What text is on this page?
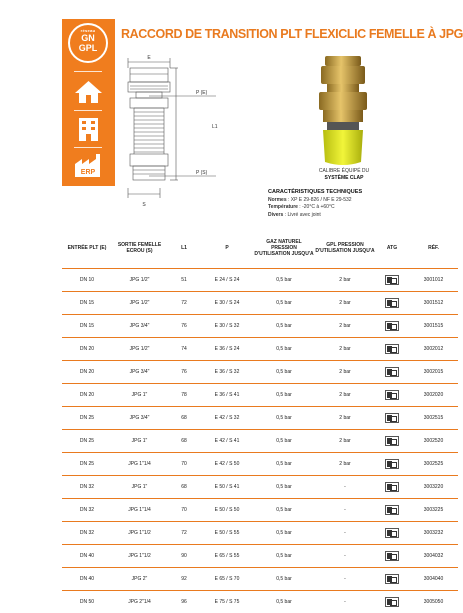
réseau
GN
GPL
ERP
RACCORD DE TRANSITION PLT FLEXICLIC FEMELLE À JPG
E
P (E)
L1
P (S)
S
CALIBRE ÉQUIPÉ DU
SYSTÈME CLAP
CARACTÉRISTIQUES TECHNIQUES
Normes : XP E 29-826 / NF E 29-532
Température : -20°C à +60°C
Divers : Livré avec joint
ENTRÉE PLT (E)	SORTIE FEMELLE ECROU (S)	L1	P	GAZ NATUREL PRESSION D'UTILISATION JUSQU'A	GPL PRESSION D'UTILISATION JUSQU'A	ATG	RÉF.
DN 10	JPG 1/2"	51	E 24 / S 24	0,5 bar	2 bar		3001012
DN 15	JPG 1/2"	72	E 30 / S 24	0,5 bar	2 bar		3001512
DN 15	JPG 3/4"	76	E 30 / S 32	0,5 bar	2 bar		3001515
DN 20	JPG 1/2"	74	E 36 / S 24	0,5 bar	2 bar		3002012
DN 20	JPG 3/4"	76	E 36 / S 32	0,5 bar	2 bar		3002015
DN 20	JPG 1"	78	E 36 / S 41	0,5 bar	2 bar		3002020
DN 25	JPG 3/4"	68	E 42 / S 32	0,5 bar	2 bar		3002515
DN 25	JPG 1"	68	E 42 / S 41	0,5 bar	2 bar		3002520
DN 25	JPG 1"1/4	70	E 42 / S 50	0,5 bar	2 bar		3002525
DN 32	JPG 1"	68	E 50 / S 41	0,5 bar	-		3003220
DN 32	JPG 1"1/4	70	E 50 / S 50	0,5 bar	-		3003225
DN 32	JPG 1"1/2	72	E 50 / S 55	0,5 bar	-		3003232
DN 40	JPG 1"1/2	90	E 65 / S 55	0,5 bar	-		3004032
DN 40	JPG 2"	92	E 65 / S 70	0,5 bar	-		3004040
DN 50	JPG 2"1/4	96	E 75 / S 75	0,5 bar	-		3005050
